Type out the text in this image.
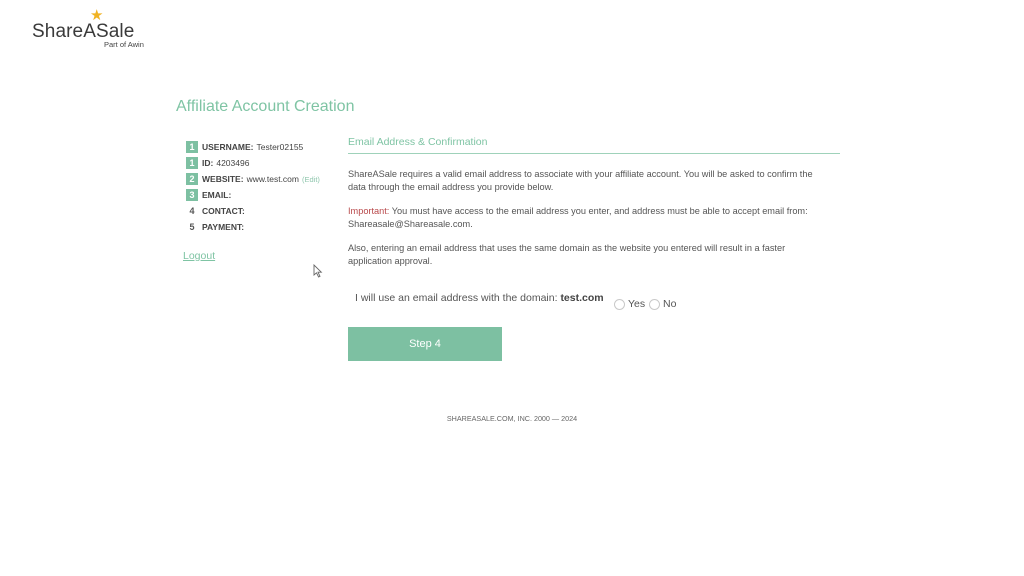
★
ShareASale
Part of Awin
Affiliate Account Creation
1 USERNAME: Tester02155
1 ID: 4203496
2 WEBSITE: www.test.com (Edit)
3 EMAIL:
4 CONTACT:
5 PAYMENT:
Logout
Email Address & Confirmation

ShareASale requires a valid email address to associate with your affiliate account. You will be asked to confirm the data through the email address you provide below.

Important: You must have access to the email address you enter, and address must be able to accept email from: Shareasale@Shareasale.com.

Also, entering an email address that uses the same domain as the website you entered will result in a faster application approval.

I will use an email address with the domain: test.com Yes No
Step 4
SHAREASALE.COM, INC. 2000 — 2024
